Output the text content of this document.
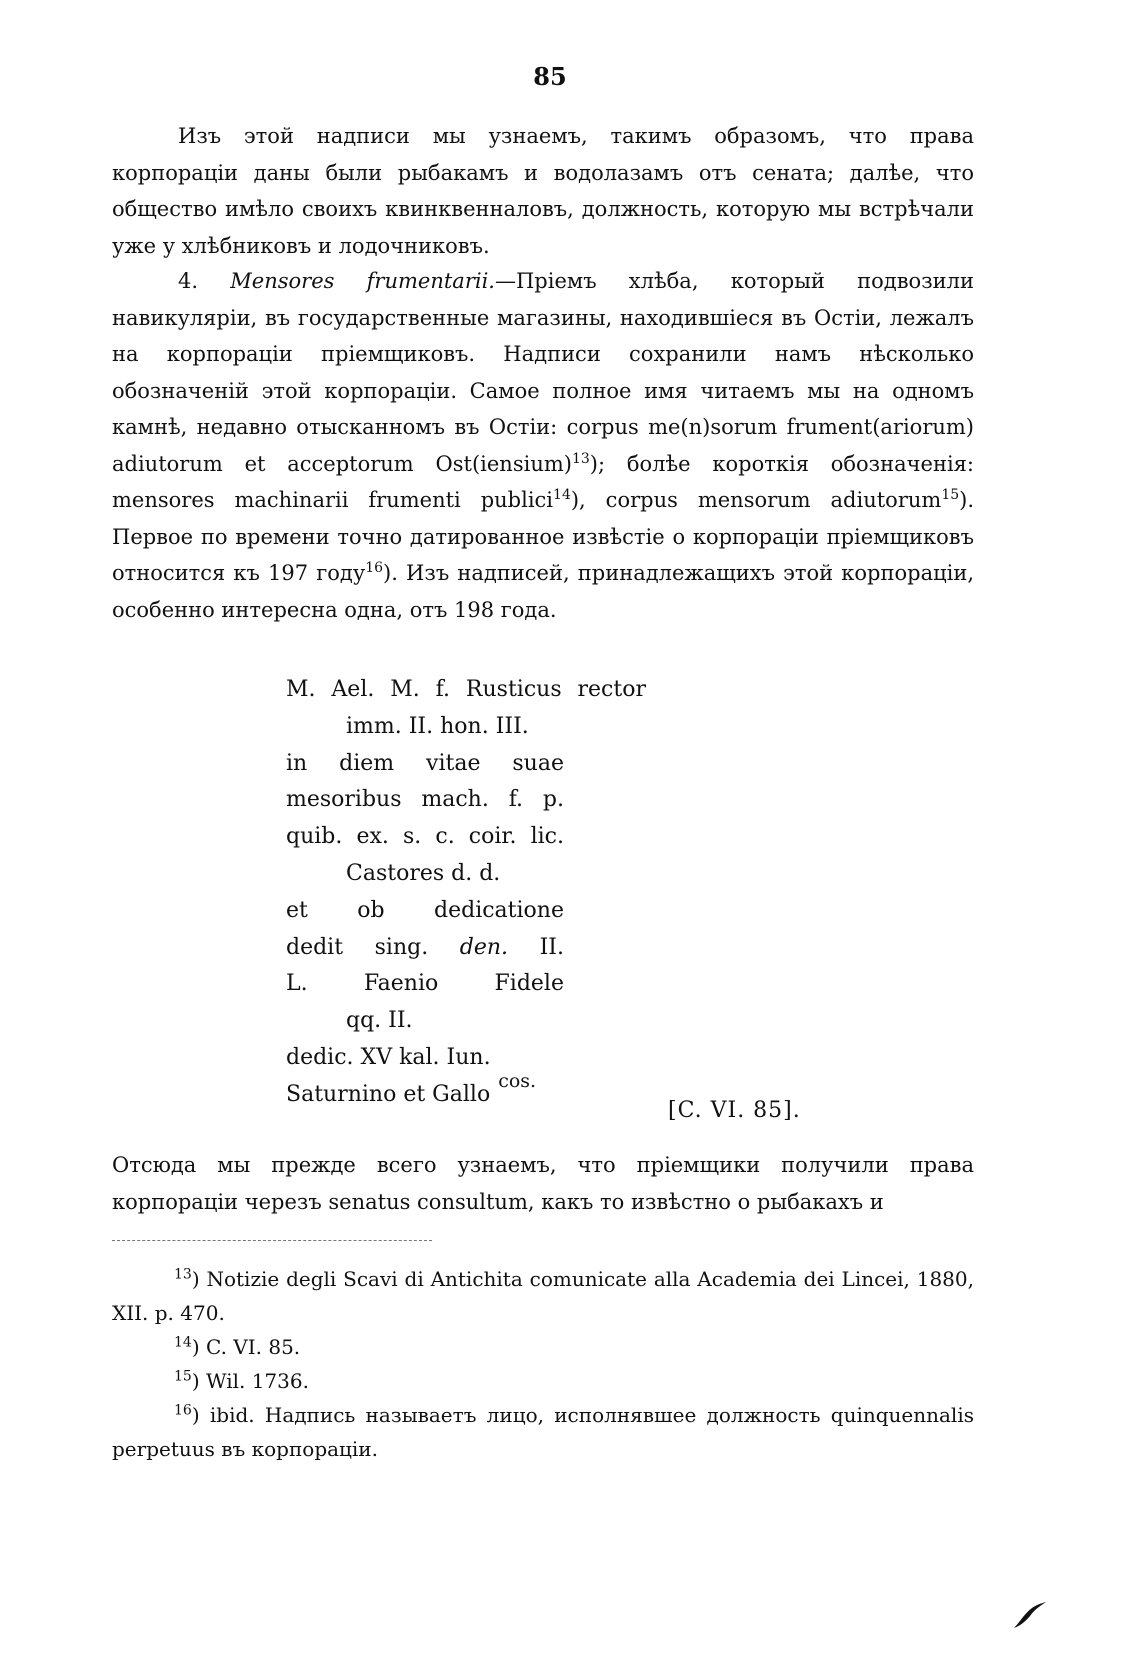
85

Изъ этой надписи мы узнаемъ, такимъ образомъ, что права корпораціи даны были рыбакамъ и водолазамъ отъ сената; далѣе, что общество имѣло своихъ квинквенналовъ, должность, которую мы встрѣчали уже у хлѣбниковъ и лодочниковъ.

4. Mensores frumentarii.—Пріемъ хлѣба, который подвозили навикуляріи, въ государственные магазины, находившіеся въ Остіи, лежалъ на корпораціи пріемщиковъ. Надписи сохранили намъ нѣсколько обозначеній этой корпораціи. Самое полное имя читаемъ мы на одномъ камнѣ, недавно отысканномъ въ Остіи: corpus me(n)sorum frument(ariorum) adiutorum et acceptorum Ost(iensium)$^{13}$); болѣе короткія обозначенія: mensores machinarii frumenti publici$^{14}$), corpus mensorum adiutorum$^{15}$). Первое по времени точно датированное извѣстіе о корпораціи пріемщиковъ относится къ 197 году$^{16}$). Изъ надписей, принадлежащихъ этой корпораціи, особенно интересна одна, отъ 198 года.

M. Ael. M. f. Rusticus rector
imm. II. hon. III.
in diem vitae suae
mesoribus mach. f. p.
quib. ex. s. c. coir. lic.
Castores d. d.
et ob dedicatione
dedit sing. den. II.
L.	Faenio	Fidele
qq. II.
dedic. XV kal. Iun.
Saturnino et Gallo
cos.
[C. VI. 85].

Отсюда мы прежде всего узнаемъ, что пріемщики получили права корпораціи черезъ senatus consultum, какъ то извѣстно о рыбакахъ и

$^{13}$) Notizie degli Scavi di Antichita comunicate alla Academia dei Lincei, 1880, XII. p. 470.

$^{14}$) C. VI. 85.

$^{15}$) Wil. 1736.

$^{16}$) ibid. Надпись называетъ лицо, исполнявшее должность quinquennalis perpetuus въ корпораціи.
